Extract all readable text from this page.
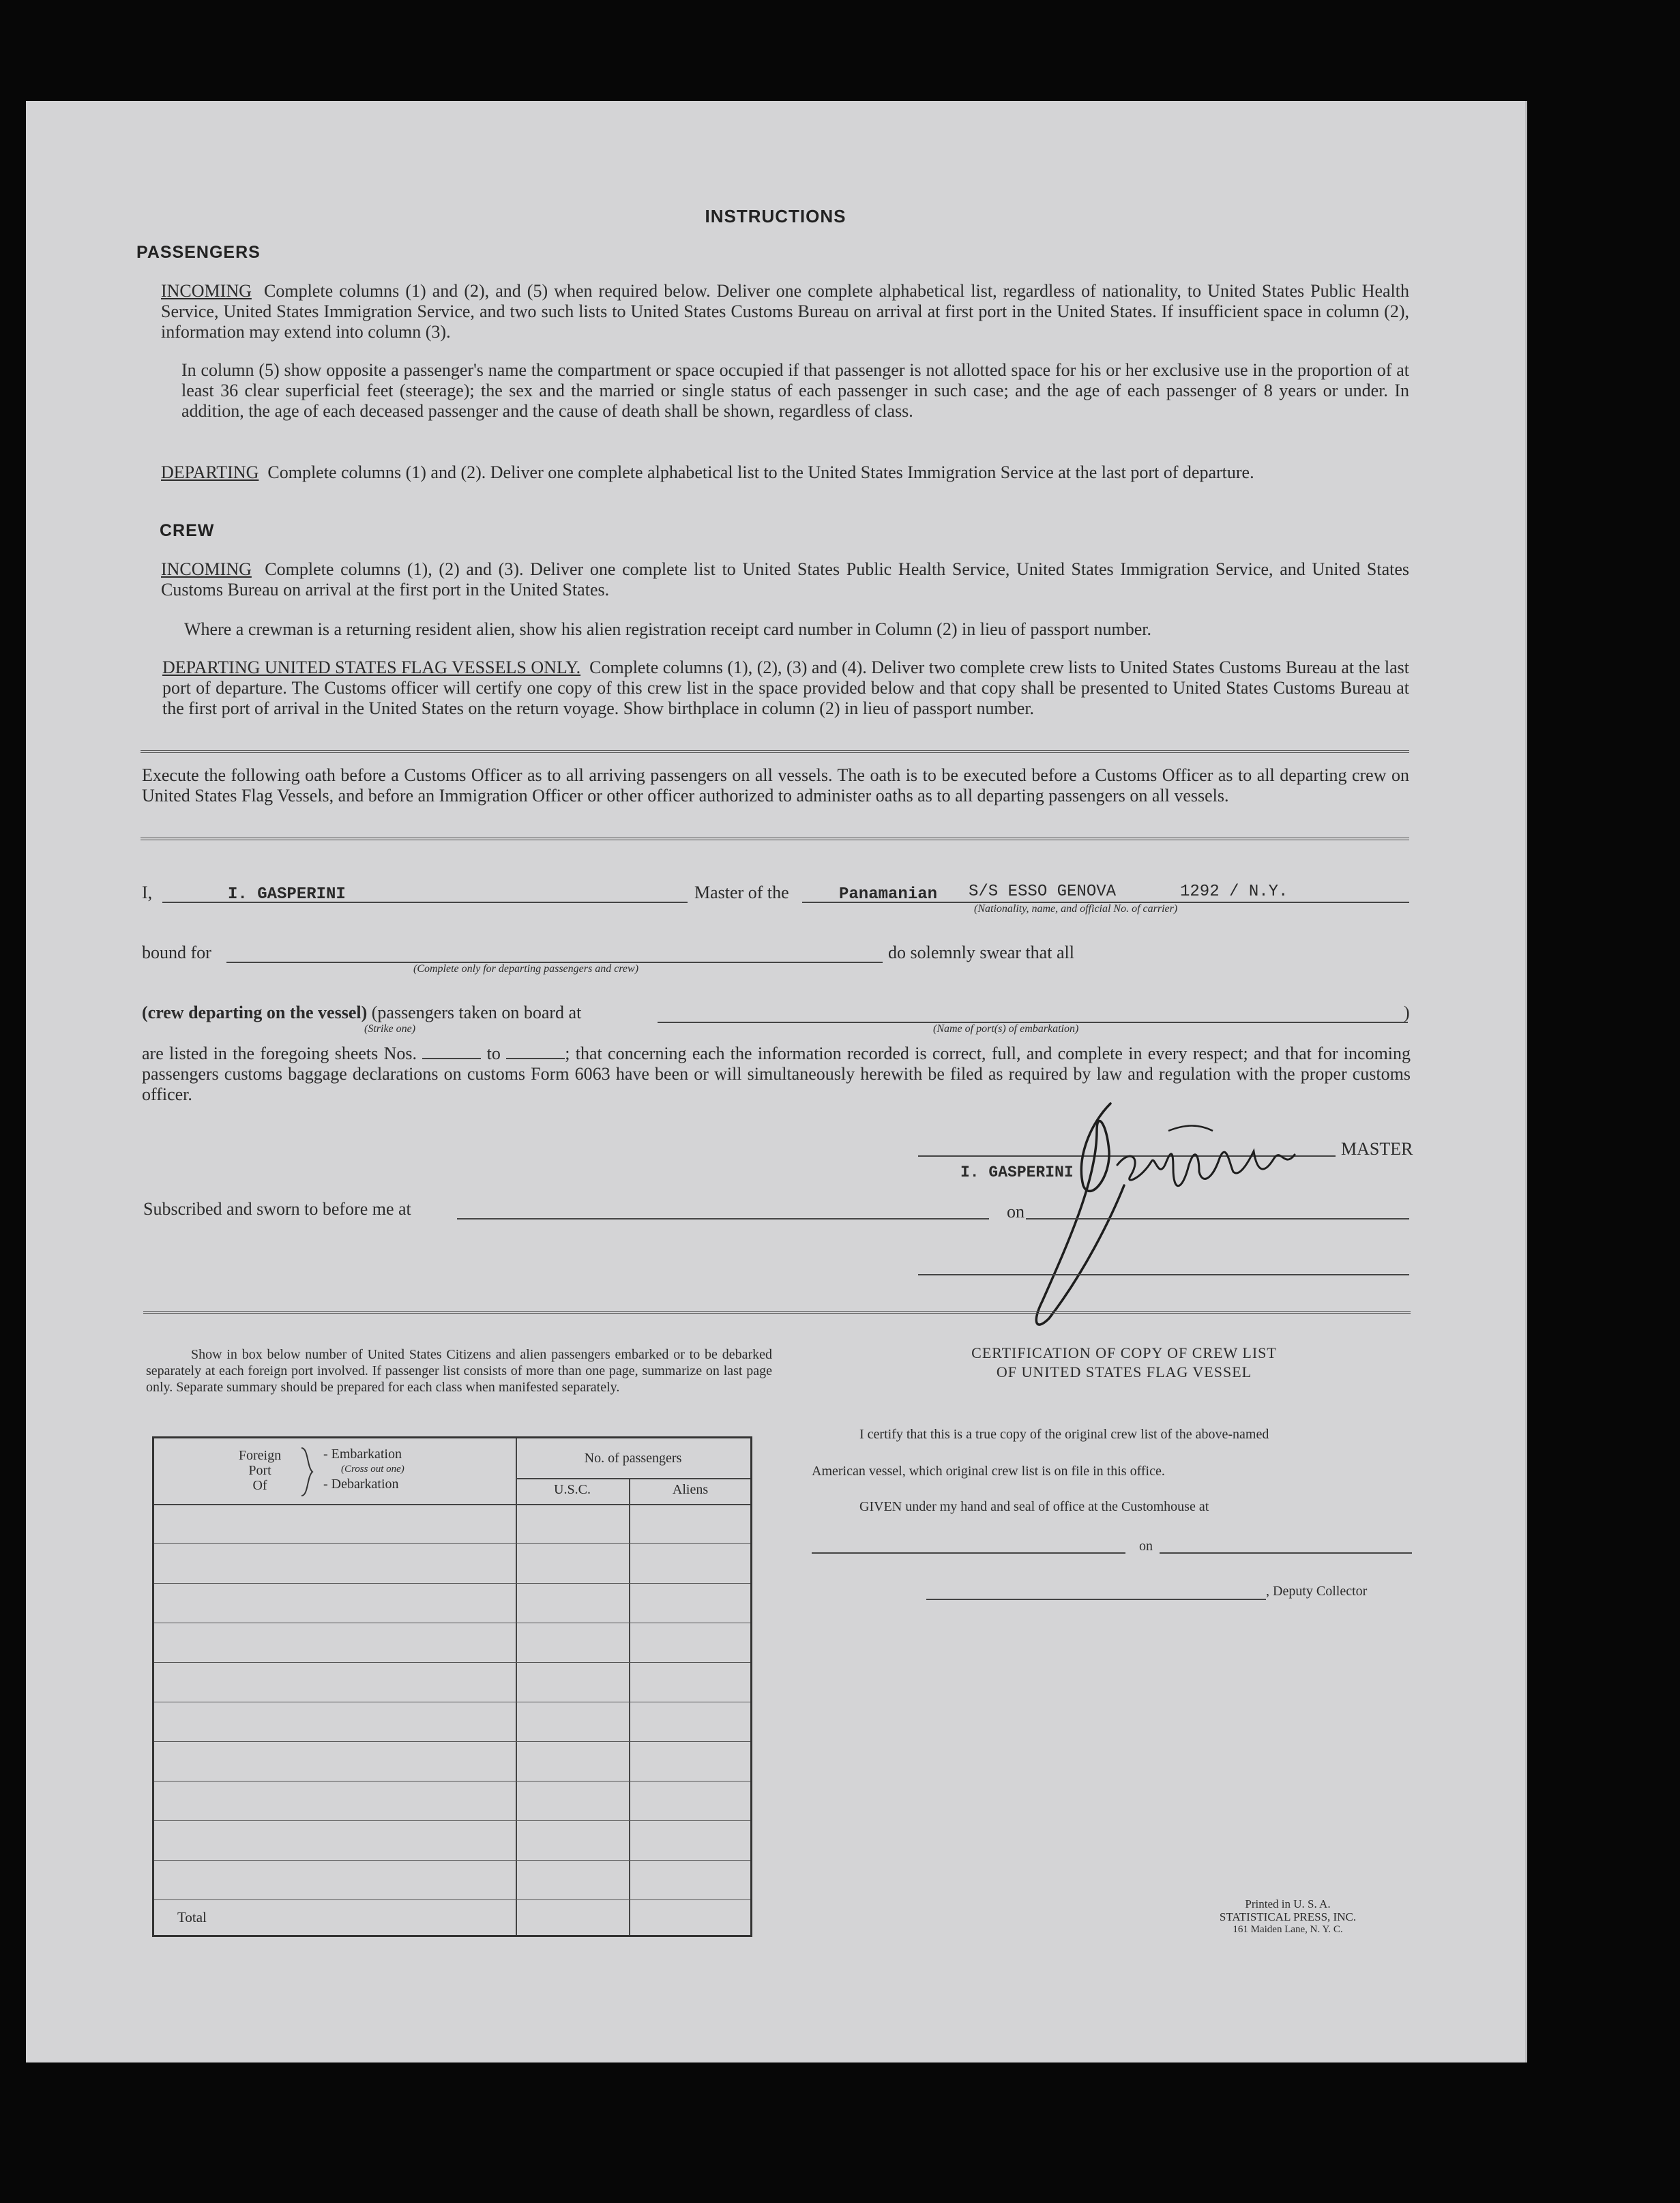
INSTRUCTIONS
PASSENGERS
INCOMING Complete columns (1) and (2), and (5) when required below. Deliver one complete alphabetical list, regardless of nationality, to United States Public Health Service, United States Immigration Service, and two such lists to United States Customs Bureau on arrival at first port in the United States. If insufficient space in column (2), information may extend into column (3).
In column (5) show opposite a passenger's name the compartment or space occupied if that passenger is not allotted space for his or her exclusive use in the proportion of at least 36 clear superficial feet (steerage); the sex and the married or single status of each passenger in such case; and the age of each passenger of 8 years or under. In addition, the age of each deceased passenger and the cause of death shall be shown, regardless of class.
DEPARTING Complete columns (1) and (2). Deliver one complete alphabetical list to the United States Immigration Service at the last port of departure.
CREW
INCOMING Complete columns (1), (2) and (3). Deliver one complete list to United States Public Health Service, United States Immigration Service, and United States Customs Bureau on arrival at the first port in the United States.
Where a crewman is a returning resident alien, show his alien registration receipt card number in Column (2) in lieu of passport number.
DEPARTING UNITED STATES FLAG VESSELS ONLY. Complete columns (1), (2), (3) and (4). Deliver two complete crew lists to United States Customs Bureau at the last port of departure. The Customs officer will certify one copy of this crew list in the space provided below and that copy shall be presented to United States Customs Bureau at the first port of arrival in the United States on the return voyage. Show birthplace in column (2) in lieu of passport number.
Execute the following oath before a Customs Officer as to all arriving passengers on all vessels. The oath is to be executed before a Customs Officer as to all departing crew on United States Flag Vessels, and before an Immigration Officer or other officer authorized to administer oaths as to all departing passengers on all vessels.
I,	I. GASPERINI	Master of the	Panamanian S/S ESSO GENOVA	1292 / N.Y.
(Nationality, name, and official No. of carrier)
bound for
(Complete only for departing passengers and crew)
do solemnly swear that all
(crew departing on the vessel) (passengers taken on board at	)
(Strike one)	(Name of port(s) of embarkation)
are listed in the foregoing sheets Nos.	to	; that concerning each the information recorded is correct, full, and complete in every respect; and that for incoming passengers customs baggage declarations on customs Form 6063 have been or will simultaneously herewith be filed as required by law and regulation with the proper customs officer.
I. GASPERINI
MASTER
Subscribed and sworn to before me at	on
Show in box below number of United States Citizens and alien passengers embarked or to be debarked separately at each foreign port involved. If passenger list consists of more than one page, summarize on last page only. Separate summary should be prepared for each class when manifested separately.
Foreign
Port
Of
- Embarkation
(Cross out one)
- Debarkation
No. of passengers
U.S.C.	Aliens
Total
CERTIFICATION OF COPY OF CREW LIST
OF UNITED STATES FLAG VESSEL
I certify that this is a true copy of the original crew list of the above-named
American vessel, which original crew list is on file in this office.
GIVEN under my hand and seal of office at the Customhouse at
on
, Deputy Collector
Printed in U. S. A.
STATISTICAL PRESS, INC.
161 Maiden Lane, N. Y. C.
